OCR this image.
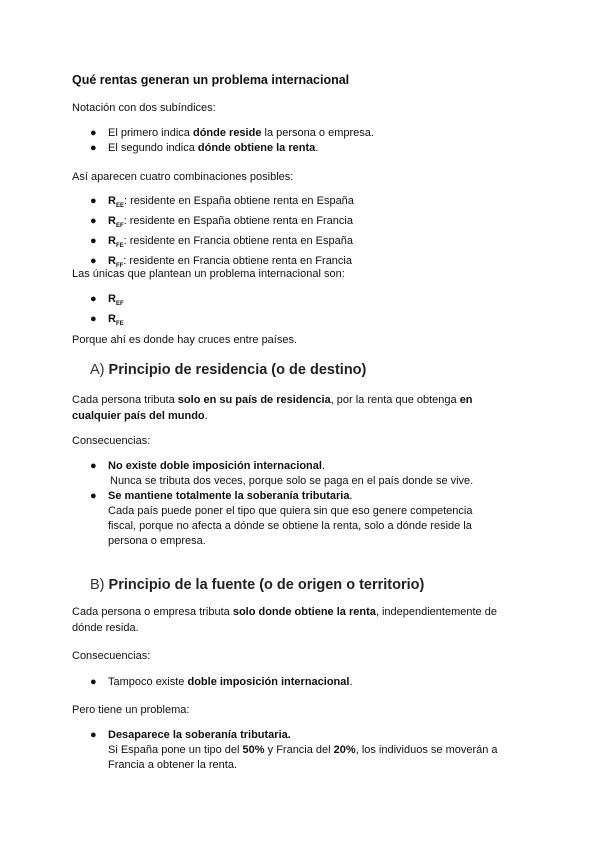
Qué rentas generan un problema internacional

Notación con dos subíndices:

● El primero indica dónde reside la persona o empresa.
● El segundo indica dónde obtiene la renta.

Así aparecen cuatro combinaciones posibles:

● $R_{EE}$: residente en España obtiene renta en España
● $R_{EF}$: residente en España obtiene renta en Francia
● $R_{FE}$: residente en Francia obtiene renta en España
● $R_{FF}$: residente en Francia obtiene renta en Francia

Las únicas que plantean un problema internacional son:

● $R_{EF}$
● $R_{FE}$

Porque ahí es donde hay cruces entre países.

A) Principio de residencia (o de destino)

Cada persona tributa solo en su país de residencia, por la renta que obtenga en cualquier país del mundo.

Consecuencias:

● No existe doble imposición internacional.
Nunca se tributa dos veces, porque solo se paga en el país donde se vive.
● Se mantiene totalmente la soberanía tributaria.
Cada país puede poner el tipo que quiera sin que eso genere competencia fiscal, porque no afecta a dónde se obtiene la renta, solo a dónde reside la persona o empresa.
B) Principio de la fuente (o de origen o territorio)

Cada persona o empresa tributa solo donde obtiene la renta, independientemente de dónde resida.

Consecuencias:

● Tampoco existe doble imposición internacional.

Pero tiene un problema:

● Desaparece la soberanía tributaria.
Si España pone un tipo del 50% y Francia del 20%, los individuos se moverán a Francia a obtener la renta.
